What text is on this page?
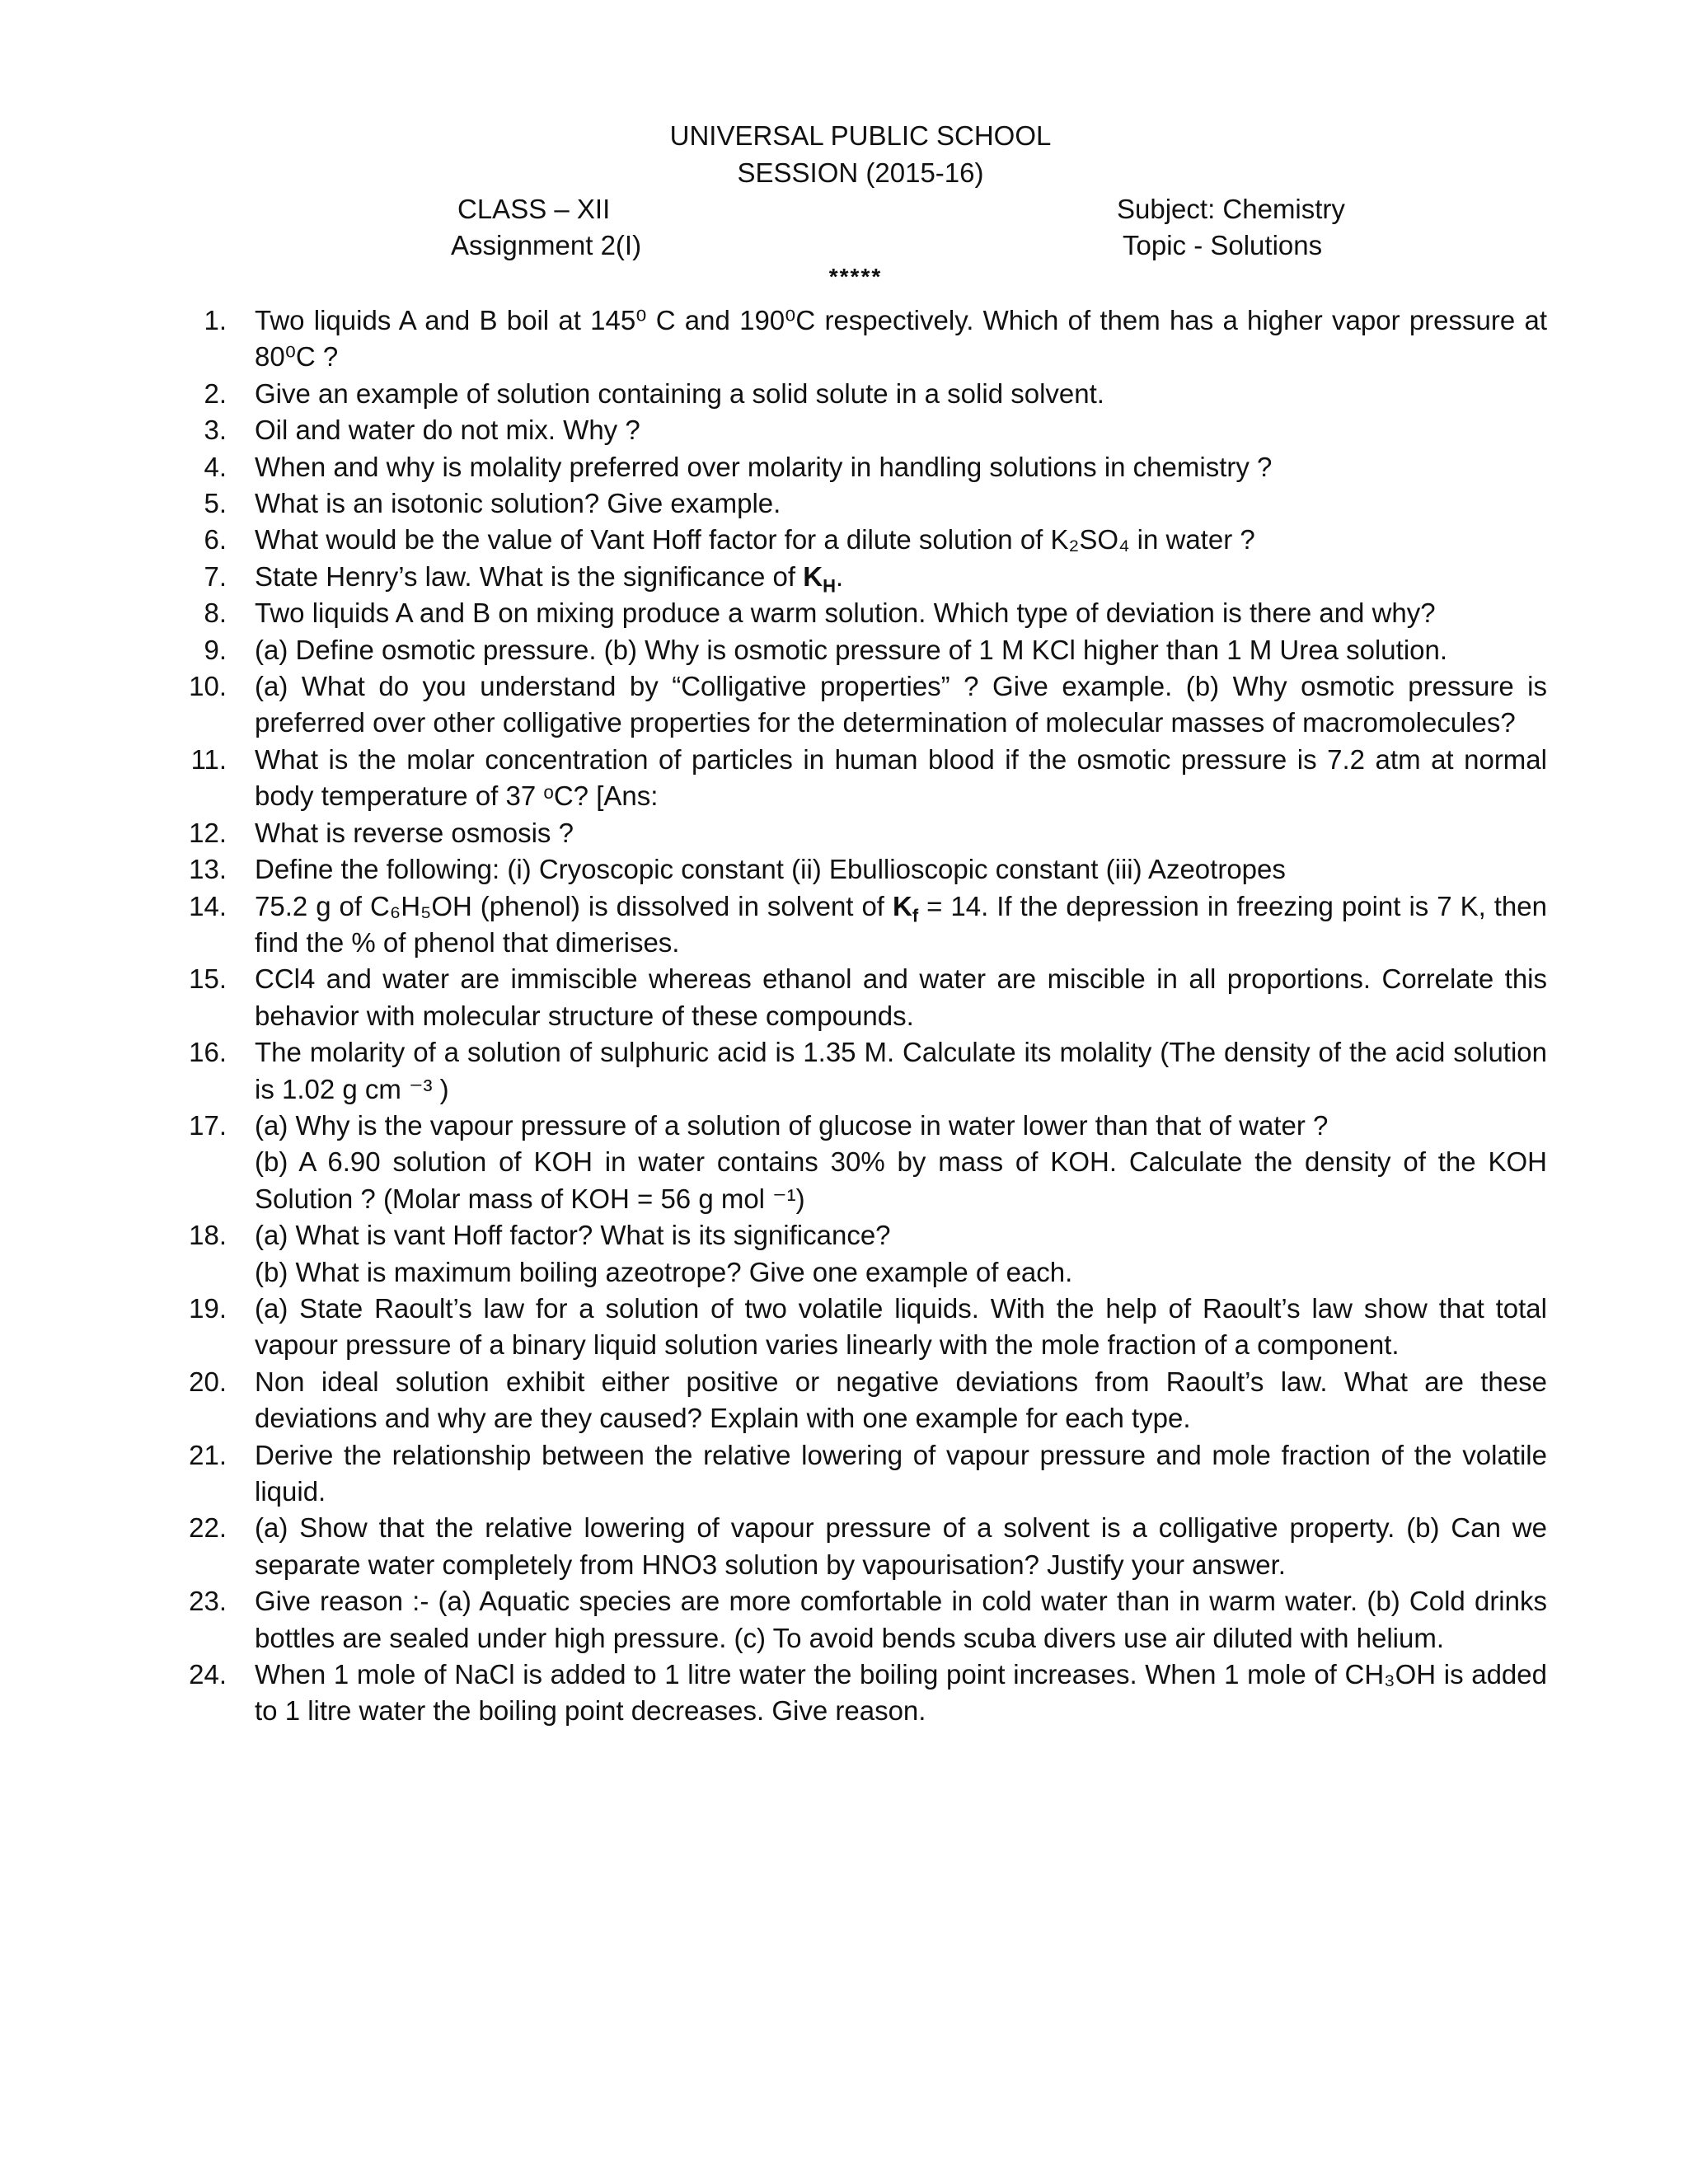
UNIVERSAL PUBLIC SCHOOL
SESSION (2015-16)
CLASS – XII	Subject: Chemistry
Assignment 2(I)	Topic - Solutions
*****
1. Two liquids A and B boil at 145⁰ C and 190⁰C respectively. Which of them has a higher vapor pressure at 80⁰C ?
2. Give an example of solution containing a solid solute in a solid solvent.
3. Oil and water do not mix. Why ?
4. When and why is molality preferred over molarity in handling solutions in chemistry ?
5. What is an isotonic solution? Give example.
6. What would be the value of Vant Hoff factor for a dilute solution of K₂SO₄ in water ?
7. State Henry’s law. What is the significance of $K_H$.
8. Two liquids A and B on mixing produce a warm solution. Which type of deviation is there and why?
9. (a) Define osmotic pressure. (b) Why is osmotic pressure of 1 M KCl higher than 1 M Urea solution.
10. (a) What do you understand by “Colligative properties” ? Give example. (b) Why osmotic pressure is preferred over other colligative properties for the determination of molecular masses of macromolecules?
11. What is the molar concentration of particles in human blood if the osmotic pressure is 7.2 atm at normal body temperature of 37 ᵒC? [Ans:
12. What is reverse osmosis ?
13. Define the following: (i) Cryoscopic constant (ii) Ebullioscopic constant (iii) Azeotropes
14. 75.2 g of C₆H₅OH (phenol) is dissolved in solvent of $K_f = 14$. If the depression in freezing point is 7 K, then find the % of phenol that dimerises.
15. CCl4 and water are immiscible whereas ethanol and water are miscible in all proportions. Correlate this behavior with molecular structure of these compounds.
16. The molarity of a solution of sulphuric acid is 1.35 M. Calculate its molality (The density of the acid solution is 1.02 g cm ⁻³ )
17. (a) Why is the vapour pressure of a solution of glucose in water lower than that of water ?
(b) A 6.90 solution of KOH in water contains 30% by mass of KOH. Calculate the density of the KOH Solution ? (Molar mass of KOH = 56 g mol ⁻¹)
18. (a) What is vant Hoff factor? What is its significance?
(b) What is maximum boiling azeotrope? Give one example of each.
19. (a) State Raoult’s law for a solution of two volatile liquids. With the help of Raoult’s law show that total vapour pressure of a binary liquid solution varies linearly with the mole fraction of a component.
20. Non ideal solution exhibit either positive or negative deviations from Raoult’s law. What are these deviations and why are they caused? Explain with one example for each type.
21. Derive the relationship between the relative lowering of vapour pressure and mole fraction of the volatile liquid.
22. (a) Show that the relative lowering of vapour pressure of a solvent is a colligative property. (b) Can we separate water completely from HNO3 solution by vapourisation? Justify your answer.
23. Give reason :- (a) Aquatic species are more comfortable in cold water than in warm water. (b) Cold drinks bottles are sealed under high pressure. (c) To avoid bends scuba divers use air diluted with helium.
24. When 1 mole of NaCl is added to 1 litre water the boiling point increases. When 1 mole of CH₃OH is added to 1 litre water the boiling point decreases. Give reason.
